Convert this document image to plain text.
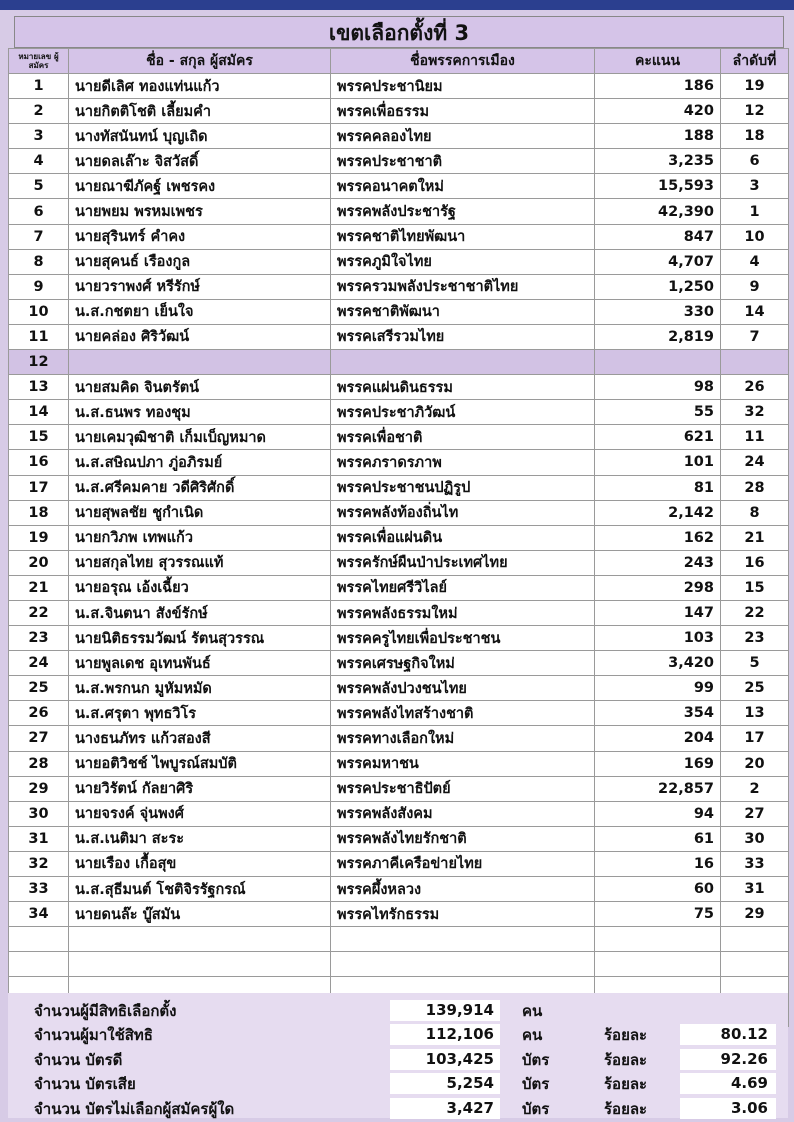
เขตเลือกตั้งที่ 3
หมายเลข ผู้สมัคร	ชื่อ - สกุล ผู้สมัคร	ชื่อพรรคการเมือง	คะแนน	ลำดับที่
1	นายดีเลิศ ทองแท่นแก้ว	พรรคประชานิยม	186	19
2	นายกิตติโชติ เลี้ยมคำ	พรรคเพื่อธรรม	420	12
3	นางทัสนันทน์ บุญเถิด	พรรคคลองไทย	188	18
4	นายดลเล๊าะ จิสวัสดิ์	พรรคประชาชาติ	3,235	6
5	นายณาฆีภัคฐ์ เพชรคง	พรรคอนาคตใหม่	15,593	3
6	นายพยม พรหมเพชร	พรรคพลังประชารัฐ	42,390	1
7	นายสุรินทร์ คำคง	พรรคชาติไทยพัฒนา	847	10
8	นายสุคนธ์ เรืองกูล	พรรคภูมิใจไทย	4,707	4
9	นายวราพงศ์ หรีรักษ์	พรรครวมพลังประชาชาติไทย	1,250	9
10	น.ส.กชตยา เย็นใจ	พรรคชาติพัฒนา	330	14
11	นายคล่อง ศิริวัฒน์	พรรคเสรีรวมไทย	2,819	7
12				
13	นายสมคิด จินตรัตน์	พรรคแผ่นดินธรรม	98	26
14	น.ส.ธนพร ทองชุม	พรรคประชาภิวัฒน์	55	32
15	นายเคมวุฒิชาติ เก็มเบ็ญหมาด	พรรคเพื่อชาติ	621	11
16	น.ส.สษิณปภา ภู่อภิรมย์	พรรคภราดรภาพ	101	24
17	น.ส.ศรีคมคาย วดีศิริศักดิ์	พรรคประชาชนปฏิรูป	81	28
18	นายสุพลชัย ชูกำเนิด	พรรคพลังท้องถิ่นไท	2,142	8
19	นายกวิภพ เทพแก้ว	พรรคเพื่อแผ่นดิน	162	21
20	นายสกุลไทย สุวรรณแท้	พรรครักษ์ผืนป่าประเทศไทย	243	16
21	นายอรุณ เอ้งเฉี้ยว	พรรคไทยศรีวิไลย์	298	15
22	น.ส.จินตนา สังข์รักษ์	พรรคพลังธรรมใหม่	147	22
23	นายนิติธรรมวัฒน์ รัตนสุวรรณ	พรรคครูไทยเพื่อประชาชน	103	23
24	นายพูลเดช อุเทนพันธ์	พรรคเศรษฐกิจใหม่	3,420	5
25	น.ส.พรกนก มูหัมหมัด	พรรคพลังปวงชนไทย	99	25
26	น.ส.ศรุตา พุทธวิโร	พรรคพลังไทสร้างชาติ	354	13
27	นางธนภัทร แก้วสองสี	พรรคทางเลือกใหม่	204	17
28	นายอติวิชช์ ไพบูรณ์สมบัติ	พรรคมหาชน	169	20
29	นายวิรัตน์ กัลยาศิริ	พรรคประชาธิปัตย์	22,857	2
30	นายจรงค์ จุ่นพงศ์	พรรคพลังสังคม	94	27
31	น.ส.เนติมา สะระ	พรรคพลังไทยรักชาติ	61	30
32	นายเรือง เกื้อสุข	พรรคภาคีเครือข่ายไทย	16	33
33	น.ส.สุธีมนต์ โชติจิรรัฐกรณ์	พรรคผึ้งหลวง	60	31
34	นายดนล๊ะ บู๊สมัน	พรรคไทรักธรรม	75	29

จำนวนผู้มีสิทธิเลือกตั้ง	139,914	คน
จำนวนผู้มาใช้สิทธิ	112,106	คน	ร้อยละ	80.12
จำนวน บัตรดี	103,425	บัตร	ร้อยละ	92.26
จำนวน บัตรเสีย	5,254	บัตร	ร้อยละ	4.69
จำนวน บัตรไม่เลือกผู้สมัครผู้ใด	3,427	บัตร	ร้อยละ	3.06
